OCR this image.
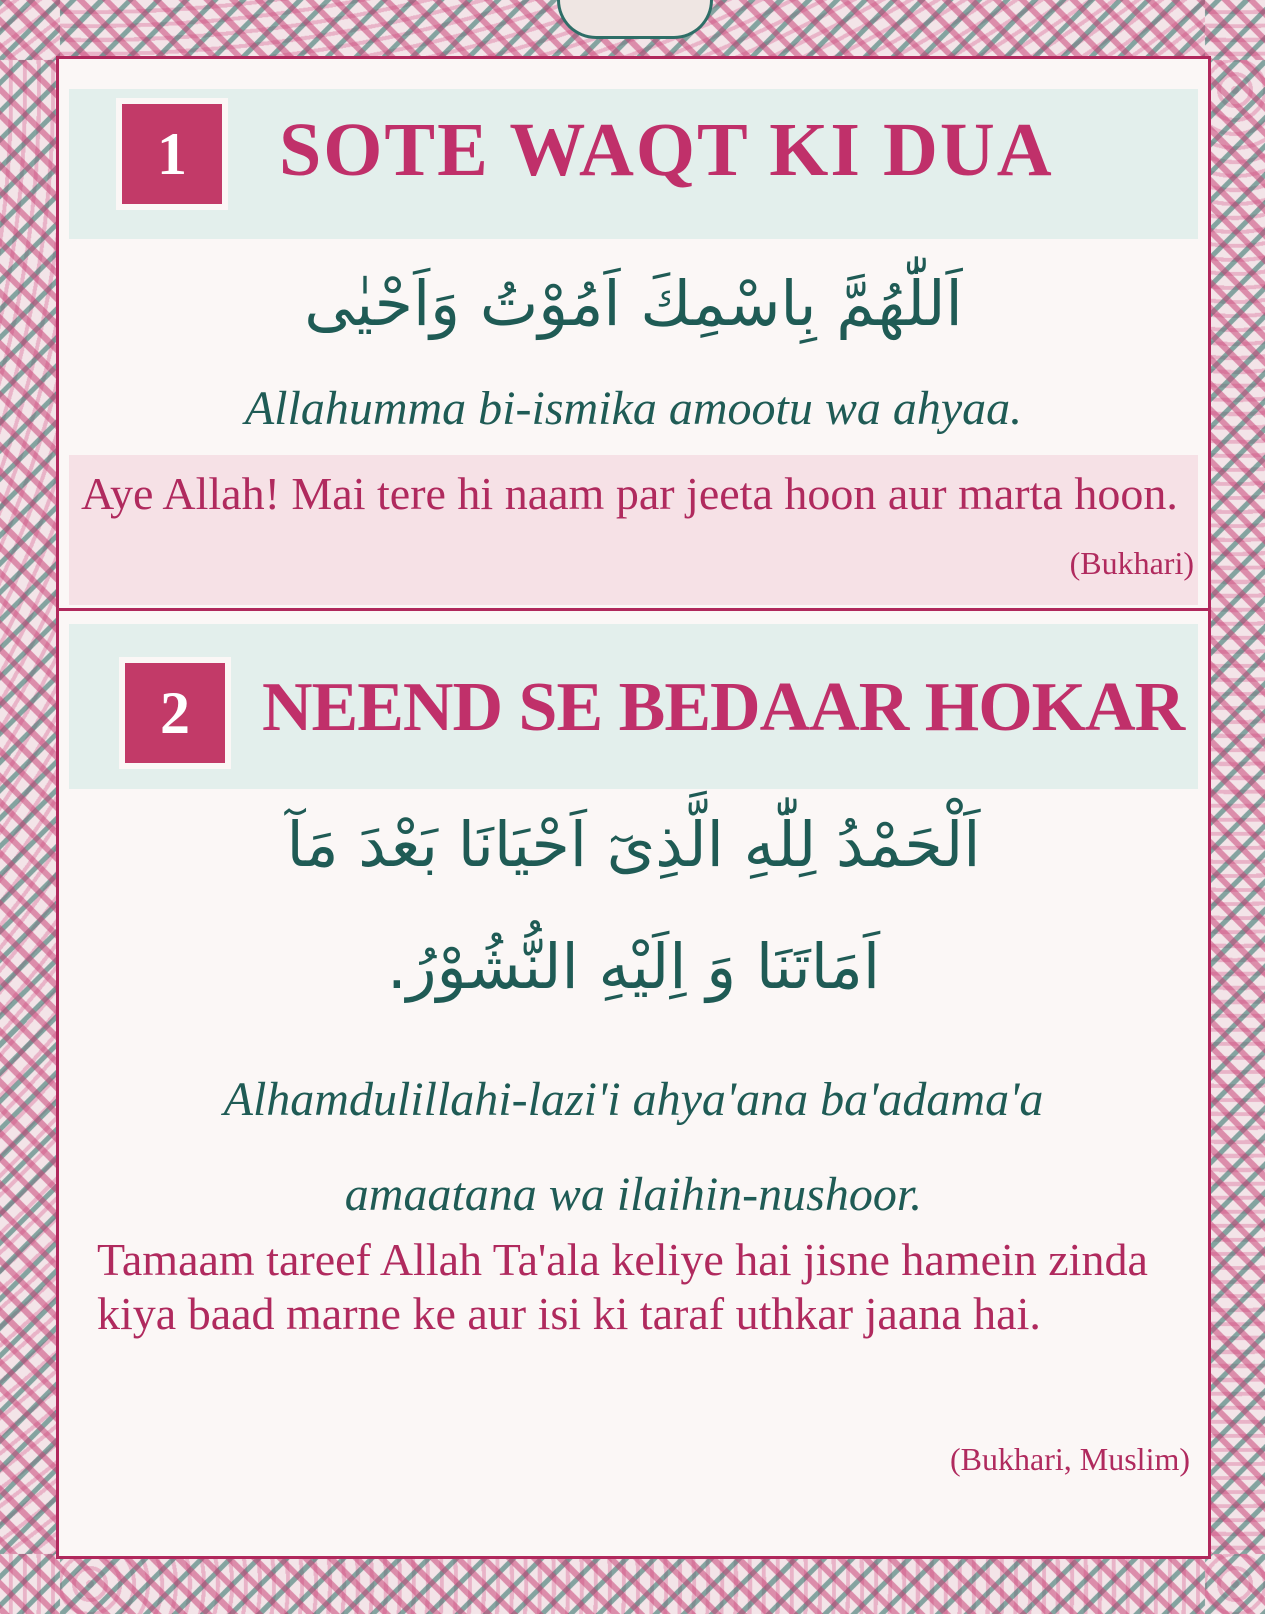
1	SOTE WAQT KI DUA
اَللّٰهُمَّ بِاسْمِكَ اَمُوْتُ وَاَحْيٰى
Allahumma bi-ismika amootu wa ahyaa.
Aye Allah! Mai tere hi naam par jeeta hoon aur marta hoon.
(Bukhari)
2	NEEND SE BEDAAR HOKAR
اَلْحَمْدُ لِلّٰهِ الَّذِىٓ اَحْيَانَا بَعْدَ مَآ
اَمَاتَنَا وَ اِلَيْهِ النُّشُوْرُ.
Alhamdulillahi-lazi'i ahya'ana ba'adama'a
amaatana wa ilaihin-nushoor.
Tamaam tareef Allah Ta'ala keliye hai jisne hamein zinda kiya baad marne ke aur isi ki taraf uthkar jaana hai.
(Bukhari, Muslim)
